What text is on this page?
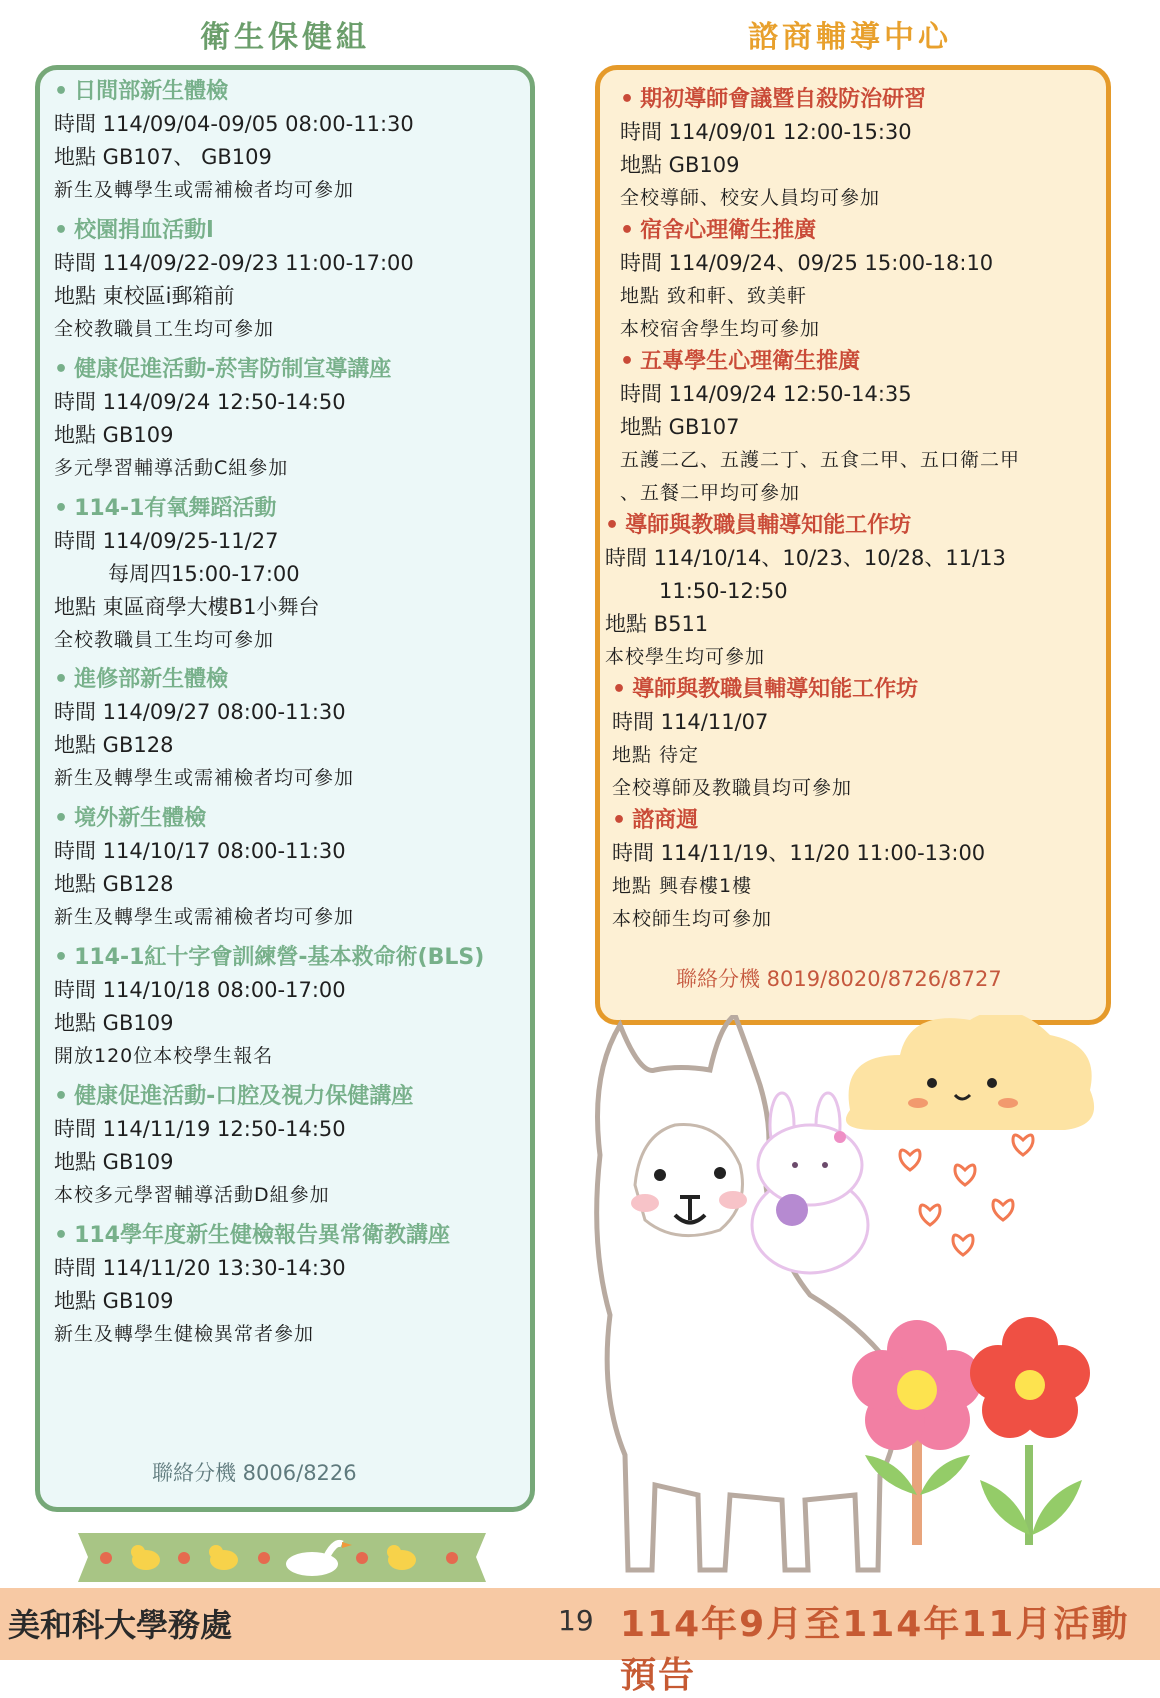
衛生保健組	諮商輔導中心
• 日間部新生體檢
時間 114/09/04-09/05 08:00-11:30
地點 GB107、 GB109
新生及轉學生或需補檢者均可參加
• 校園捐血活動l
時間 114/09/22-09/23 11:00-17:00
地點 東校區i郵箱前
全校教職員工生均可參加
• 健康促進活動-菸害防制宣導講座
時間 114/09/24 12:50-14:50
地點 GB109
多元學習輔導活動C組參加
• 114-1有氧舞蹈活動
時間 114/09/25-11/27
每周四15:00-17:00
地點 東區商學大樓B1小舞台
全校教職員工生均可參加
• 進修部新生體檢
時間 114/09/27 08:00-11:30
地點 GB128
新生及轉學生或需補檢者均可參加
• 境外新生體檢
時間 114/10/17 08:00-11:30
地點 GB128
新生及轉學生或需補檢者均可參加
• 114-1紅十字會訓練營-基本救命術(BLS)
時間 114/10/18 08:00-17:00
地點 GB109
開放120位本校學生報名
• 健康促進活動-口腔及視力保健講座
時間 114/11/19 12:50-14:50
地點 GB109
本校多元學習輔導活動D組參加
• 114學年度新生健檢報告異常衛教講座
時間 114/11/20 13:30-14:30
地點 GB109
新生及轉學生健檢異常者參加
聯絡分機 8006/8226
• 期初導師會議暨自殺防治研習
時間 114/09/01 12:00-15:30
地點 GB109
全校導師、校安人員均可參加
• 宿舍心理衛生推廣
時間 114/09/24、09/25 15:00-18:10
地點 致和軒、致美軒
本校宿舍學生均可參加
• 五專學生心理衛生推廣
時間 114/09/24 12:50-14:35
地點 GB107
五護二乙、五護二丁、五食二甲、五口衛二甲
、五餐二甲均可參加
• 導師與教職員輔導知能工作坊
時間 114/10/14、10/23、10/28、11/13
11:50-12:50
地點 B511
本校學生均可參加
• 導師與教職員輔導知能工作坊
時間 114/11/07
地點 待定
全校導師及教職員均可參加
• 諮商週
時間 114/11/19、11/20 11:00-13:00
地點 興春樓1樓
本校師生均可參加
聯絡分機 8019/8020/8726/8727
美和科大學務處	19 114年9月至114年11月活動預告
